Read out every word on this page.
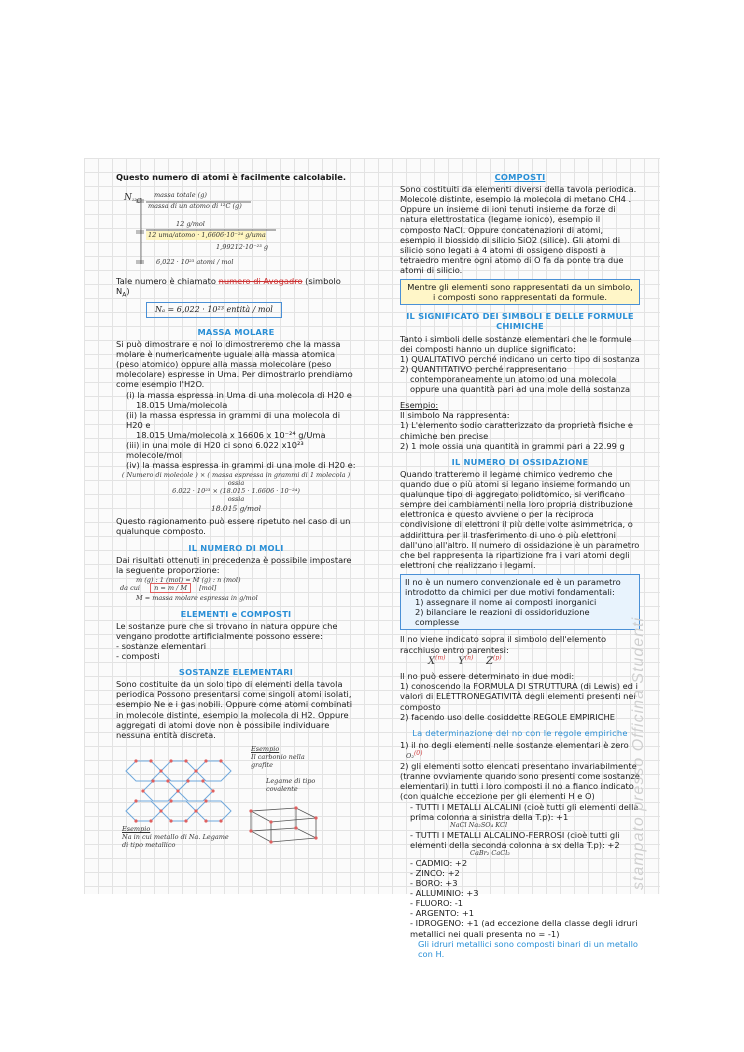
Questo numero di atomi è facilmente calcolabile.

$N_{^{12}C}$
massa totale (g)
massa di un atomo di ¹²C (g)
12 g/mol
12 uma/atomo · 1,6606·10⁻²⁴ g/uma
1,99212·10⁻²³ g
6,022 · 10²³ atomi / mol

Tale numero è chiamato numero di Avogadro (simbolo $N_A$)

Nₐ = 6,022 · 10²³ entità / mol
MASSA MOLARE

Si può dimostrare e noi lo dimostreremo che la massa molare è numericamente uguale alla massa atomica (peso atomico) oppure alla massa molecolare (peso molecolare) espresse in Uma. Per dimostrarlo prendiamo come esempio l'H2O.

(i) la massa espressa in Uma di una molecola di H20 e
18.015 Uma/molecola
(ii) la massa espressa in grammi di una molecola di H20 e
18.015 Uma/molecola x 16606 x 10⁻²⁴ g/Uma
(iii) in una mole di H20 ci sono 6.022 x10²³ molecole/mol
(iv) la massa espressa in grammi di una mole di H20 e:
( Numero di molecole ) × ( massa espressa in grammi di 1 molecola )
ossia
6.022 · 10²³ × (18.015 · 1.6606 · 10⁻²⁴)
ossia
18.015 g/mol

Questo ragionamento può essere ripetuto nel caso di un qualunque composto.

IL NUMERO DI MOLI

Dai risultati ottenuti in precedenza è possibile impostare la seguente proporzione:

m (g) : 1 (mol) = M (g) : n (mol)
da cui n = m / M [mol]
M = massa molare espressa in g/mol
ELEMENTI e COMPOSTI

Le sostanze pure che si trovano in natura oppure che vengano prodotte artificialmente possono essere:

- sostanze elementari
- composti
SOSTANZE ELEMENTARI

Sono costituite da un solo tipo di elementi della tavola periodica Possono presentarsi come singoli atomi isolati, esempio Ne e i gas nobili. Oppure come atomi combinati in molecole distinte, esempio la molecola di H2. Oppure aggregati di atomi dove non è possibile individuare nessuna entità discreta.

Esempio
Il carbonio nella grafite
Legame di tipo covalente
Esempio
Na in cui metallo di Na. Legame di tipo metallico
COMPOSTI

Sono costituiti da elementi diversi della tavola periodica. Molecole distinte, esempio la molecola di metano CH4 . Oppure un insieme di ioni tenuti insieme da forze di natura elettrostatica (legame ionico), esempio il composto NaCl. Oppure concatenazioni di atomi, esempio il biossido di silicio SiO2 (silice). Gli atomi di silicio sono legati a 4 atomi di ossigeno disposti a tetraedro mentre ogni atomo di O fa da ponte tra due atomi di silicio.

Mentre gli elementi sono rappresentati da un simbolo, i composti sono rappresentati da formule.
IL SIGNIFICATO DEI SIMBOLI E DELLE FORMULE CHIMICHE

Tanto i simboli delle sostanze elementari che le formule dei composti hanno un duplice significato:

1) QUALITATIVO perché indicano un certo tipo di sostanza
2) QUANTITATIVO perché rappresentano
contemporaneamente un atomo od una molecola oppure una quantità pari ad una mole della sostanza
Esempio:
Il simbolo Na rappresenta:
1) L'elemento sodio caratterizzato da proprietà fisiche e chimiche ben precise
2) 1 mole ossia una quantità in grammi pari a 22.99 g
IL NUMERO DI OSSIDAZIONE

Quando tratteremo il legame chimico vedremo che quando due o più atomi si legano insieme formando un qualunque tipo di aggregato polidtomico, si verificano sempre dei cambiamenti nella loro propria distribuzione elettronica e questo avviene o per la reciproca condivisione di elettroni il più delle volte asimmetrica, o addirittura per il trasferimento di uno o più elettroni dall'uno all'altro. Il numero di ossidazione è un parametro che bel rappresenta la ripartizione fra i vari atomi degli elettroni che realizzano i legami.

Il no è un numero convenzionale ed è un parametro introdotto da chimici per due motivi fondamentali:
1) assegnare il nome ai composti inorganici
2) bilanciare le reazioni di ossidoriduzione complesse

Il no viene indicato sopra il simbolo dell'elemento racchiuso entro parentesi:

$X^{(m)}$ $Y^{(n)}$ $Z^{(p)}$

Il no può essere determinato in due modi:

1) conoscendo la FORMULA DI STRUTTURA (di Lewis) ed i valori di ELETTRONEGATIVITÀ degli elementi presenti nel composto
2) facendo uso delle cosiddette REGOLE EMPIRICHE
La determinazione del no con le regole empiriche
1) il no degli elementi nelle sostanze elementari è zero O₂(0)
2) gli elementi sotto elencati presentano invariabilmente (tranne ovviamente quando sono presenti come sostanze elementari) in tutti i loro composti il no a fianco indicato (con qualche eccezione per gli elementi H e O)
- TUTTI I METALLI ALCALINI (cioè tutti gli elementi della prima colonna a sinistra della T.p): +1
NaCl Na₂SO₄ KCl
- TUTTI I METALLI ALCALINO-FERROSI (cioè tutti gli elementi della seconda colonna a sx della T.p): +2
CaBr₂ CaCl₂
- CADMIO: +2
- ZINCO: +2
- BORO: +3
- ALLUMINIO: +3
- FLUORO: -1
- ARGENTO: +1
- IDROGENO: +1 (ad eccezione della classe degli idruri metallici nei quali presenta no = -1)
Gli idruri metallici sono composti binari di un metallo con H.
stampato presso Officina Studenti
